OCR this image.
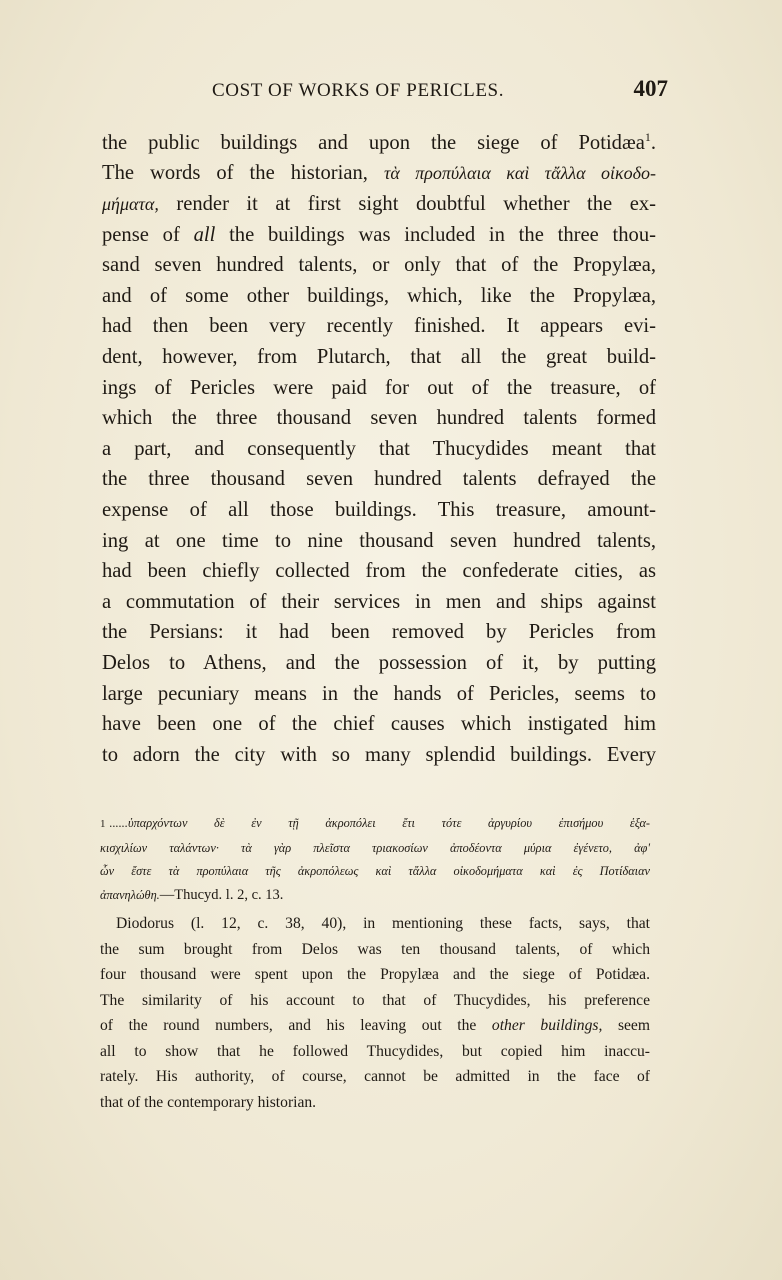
COST OF WORKS OF PERICLES.	407
the public buildings and upon the siege of Potidæa$^1$.
The words of the historian, τὰ προπύλαια καὶ τἄλλα οἰκοδο-
μήματα, render it at first sight doubtful whether the ex-
pense of all the buildings was included in the three thou-
sand seven hundred talents, or only that of the Propylæa,
and of some other buildings, which, like the Propylæa,
had then been very recently finished. It appears evi-
dent, however, from Plutarch, that all the great build-
ings of Pericles were paid for out of the treasure, of
which the three thousand seven hundred talents formed
a part, and consequently that Thucydides meant that
the three thousand seven hundred talents defrayed the
expense of all those buildings. This treasure, amount-
ing at one time to nine thousand seven hundred talents,
had been chiefly collected from the confederate cities, as
a commutation of their services in men and ships against
the Persians: it had been removed by Pericles from
Delos to Athens, and the possession of it, by putting
large pecuniary means in the hands of Pericles, seems to
have been one of the chief causes which instigated him
to adorn the city with so many splendid buildings. Every
1 ......ὑπαρχόντων δὲ ἐν τῇ ἀκροπόλει ἔτι τότε ἀργυρίου ἐπισήμου ἑξα-
κισχιλίων ταλάντων· τὰ γὰρ πλεῖστα τριακοσίων ἀποδέοντα μύρια ἐγένετο, ἀφ'
ὧν ἔστε τὰ προπύλαια τῆς ἀκροπόλεως καὶ τἄλλα οἰκοδομήματα καὶ ἐς Ποτίδαιαν
ἀπανηλώθη.—Thucyd. l. 2, c. 13.
Diodorus (l. 12, c. 38, 40), in mentioning these facts, says, that
the sum brought from Delos was ten thousand talents, of which
four thousand were spent upon the Propylæa and the siege of Potidæa.
The similarity of his account to that of Thucydides, his preference
of the round numbers, and his leaving out the other buildings, seem
all to show that he followed Thucydides, but copied him inaccu-
rately. His authority, of course, cannot be admitted in the face of
that of the contemporary historian.
